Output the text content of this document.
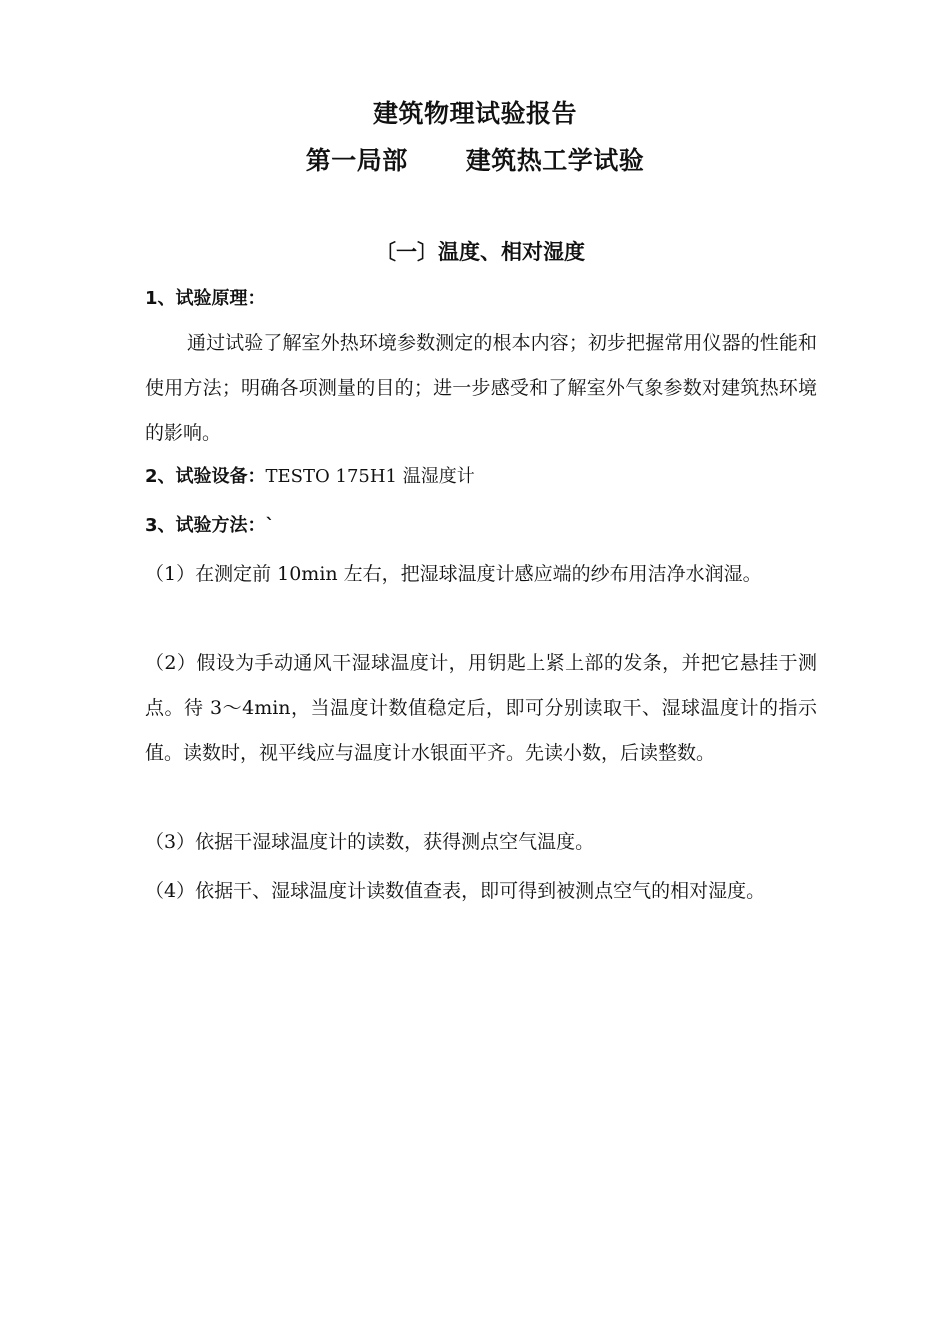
建筑物理试验报告
第一局部 建筑热工学试验
〔一〕温度、相对湿度
1、试验原理：
通过试验了解室外热环境参数测定的根本内容；初步把握常用仪器的性能和使用方法；明确各项测量的目的；进一步感受和了解室外气象参数对建筑热环境的影响。
2、试验设备：TESTO 175H1 温湿度计
3、试验方法：`
（1）在测定前 10min 左右，把湿球温度计感应端的纱布用洁净水润湿。
（2）假设为手动通风干湿球温度计，用钥匙上紧上部的发条，并把它悬挂于测点。待 3～4min，当温度计数值稳定后，即可分别读取干、湿球温度计的指示值。读数时，视平线应与温度计水银面平齐。先读小数，后读整数。
（3）依据干湿球温度计的读数，获得测点空气温度。
（4）依据干、湿球温度计读数值查表，即可得到被测点空气的相对湿度。
